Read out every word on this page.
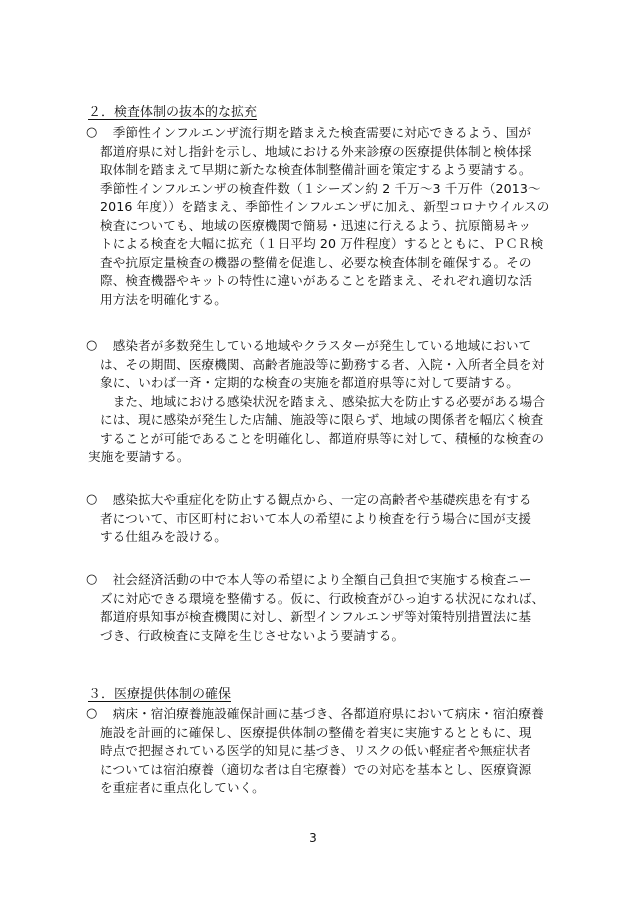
２．検査体制の抜本的な拡充
○ 　季節性インフルエンザ流行期を踏まえた検査需要に対応できるよう、国が
都道府県に対し指針を示し、地域における外来診療の医療提供体制と検体採
取体制を踏まえて早期に新たな検査体制整備計画を策定するよう要請する。
季節性インフルエンザの検査件数（１シーズン約 2 千万～3 千万件（2013～
2016 年度））を踏まえ、季節性インフルエンザに加え、新型コロナウイルスの
検査についても、地域の医療機関で簡易・迅速に行えるよう、抗原簡易キッ
トによる検査を大幅に拡充（１日平均 20 万件程度）するとともに、ＰＣＲ検
査や抗原定量検査の機器の整備を促進し、必要な検査体制を確保する。その
際、検査機器やキットの特性に違いがあることを踏まえ、それぞれ適切な活
用方法を明確化する。
○ 　感染者が多数発生している地域やクラスターが発生している地域において
は、その期間、医療機関、高齢者施設等に勤務する者、入院・入所者全員を対
象に、いわば一斉・定期的な検査の実施を都道府県等に対して要請する。
　また、地域における感染状況を踏まえ、感染拡大を防止する必要がある場合
には、現に感染が発生した店舗、施設等に限らず、地域の関係者を幅広く検査
することが可能であることを明確化し、都道府県等に対して、積極的な検査の
実施を要請する。
○ 　感染拡大や重症化を防止する観点から、一定の高齢者や基礎疾患を有する
者について、市区町村において本人の希望により検査を行う場合に国が支援
する仕組みを設ける。
○ 　社会経済活動の中で本人等の希望により全額自己負担で実施する検査ニー
ズに対応できる環境を整備する。仮に、行政検査がひっ迫する状況になれば、
都道府県知事が検査機関に対し、新型インフルエンザ等対策特別措置法に基
づき、行政検査に支障を生じさせないよう要請する。
３．医療提供体制の確保
○ 　病床・宿泊療養施設確保計画に基づき、各都道府県において病床・宿泊療養
施設を計画的に確保し、医療提供体制の整備を着実に実施するとともに、現
時点で把握されている医学的知見に基づき、リスクの低い軽症者や無症状者
については宿泊療養（適切な者は自宅療養）での対応を基本とし、医療資源
を重症者に重点化していく。
3
